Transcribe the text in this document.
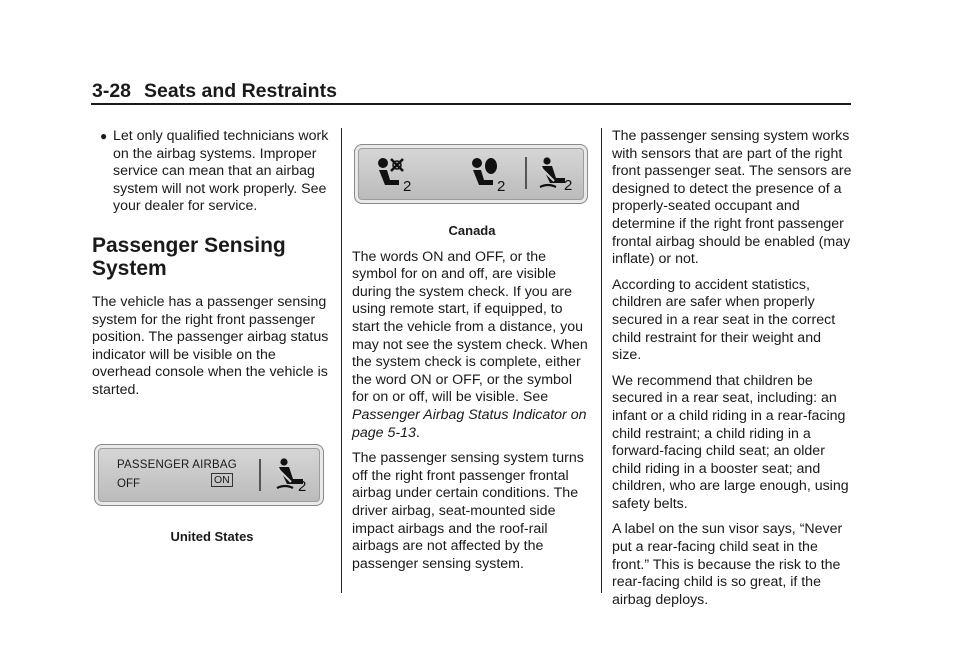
3-28 Seats and Restraints
● Let only qualified technicians work on the airbag systems. Improper service can mean that an airbag system will not work properly. See your dealer for service.
Passenger Sensing System

The vehicle has a passenger sensing system for the right front passenger position. The passenger airbag status indicator will be visible on the overhead console when the vehicle is started.

PASSENGER AIRBAG
OFF	ON	2
United States
2	2	2
Canada

The words ON and OFF, or the symbol for on and off, are visible during the system check. If you are using remote start, if equipped, to start the vehicle from a distance, you may not see the system check. When the system check is complete, either the word ON or OFF, or the symbol for on or off, will be visible. See Passenger Airbag Status Indicator on page 5‑13.

The passenger sensing system turns off the right front passenger frontal airbag under certain conditions. The driver airbag, seat-mounted side impact airbags and the roof-rail airbags are not affected by the passenger sensing system.

The passenger sensing system works with sensors that are part of the right front passenger seat. The sensors are designed to detect the presence of a properly-seated occupant and determine if the right front passenger frontal airbag should be enabled (may inflate) or not.

According to accident statistics, children are safer when properly secured in a rear seat in the correct child restraint for their weight and size.

We recommend that children be secured in a rear seat, including: an infant or a child riding in a rear-facing child restraint; a child riding in a forward-facing child seat; an older child riding in a booster seat; and children, who are large enough, using safety belts.

A label on the sun visor says, “Never put a rear-facing child seat in the front.” This is because the risk to the rear-facing child is so great, if the airbag deploys.
